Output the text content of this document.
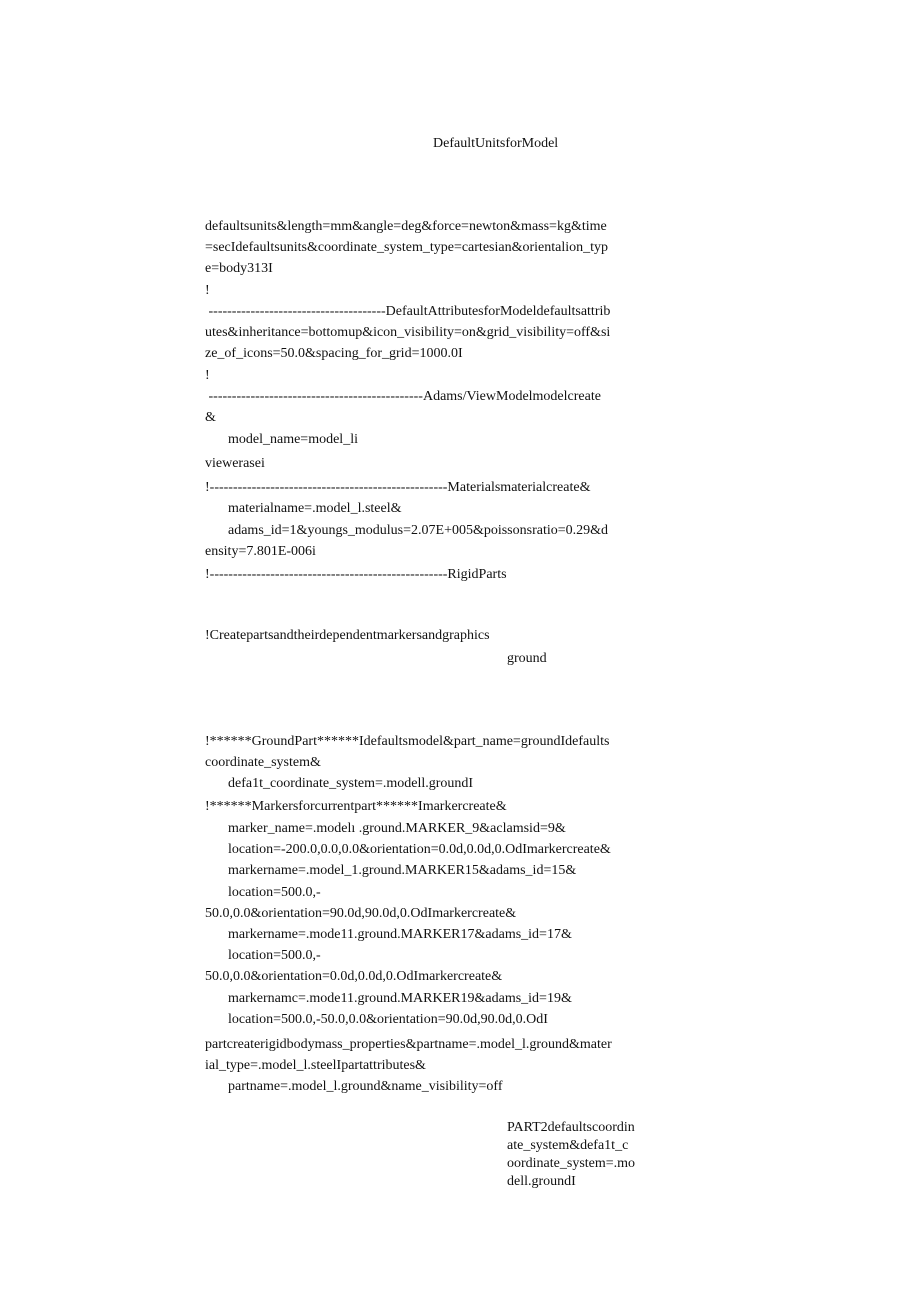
DefaultUnitsforModel
defaultsunits&length=mm&angle=deg&force=newton&mass=kg&time
=secIdefaultsunits&coordinate_system_type=cartesian&orientalion_typ
e=body313I
!
--------------------------------------DefaultAttributesforModeldefaultsattrib
utes&inheritance=bottomup&icon_visibility=on&grid_visibility=off&si
ze_of_icons=50.0&spacing_for_grid=1000.0I
!
----------------------------------------------Adams/ViewModelmodelcreate
&
model_name=model_li
viewerasei
!---------------------------------------------------Materialsmaterialcreate&
materialname=.model_l.steel&
adams_id=1&youngs_modulus=2.07E+005&poissonsratio=0.29&d
ensity=7.801E-006i
!---------------------------------------------------RigidParts
!Createpartsandtheirdependentmarkersandgraphics
ground
!******GroundPart******Idefaultsmodel&part_name=groundIdefaults
coordinate_system&
defa1t_coordinate_system=.modell.groundI
!******Markersforcurrentpart******Imarkercreate&
marker_name=.modelı .ground.MARKER_9&aclamsid=9&
location=-200.0,0.0,0.0&orientation=0.0d,0.0d,0.OdImarkercreate&
markername=.model_1.ground.MARKER15&adams_id=15&
location=500.0,-
50.0,0.0&orientation=90.0d,90.0d,0.OdImarkercreate&
markername=.mode11.ground.MARKER17&adams_id=17&
location=500.0,-
50.0,0.0&orientation=0.0d,0.0d,0.OdImarkercreate&
markernamc=.mode11.ground.MARKER19&adams_id=19&
location=500.0,-50.0,0.0&orientation=90.0d,90.0d,0.OdI
partcreaterigidbodymass_properties&partname=.model_l.ground&mater
ial_type=.model_l.steelIpartattributes&
partname=.model_l.ground&name_visibility=off
PART2defaultscoordin
ate_system&defa1t_c
oordinate_system=.mo
dell.groundI
